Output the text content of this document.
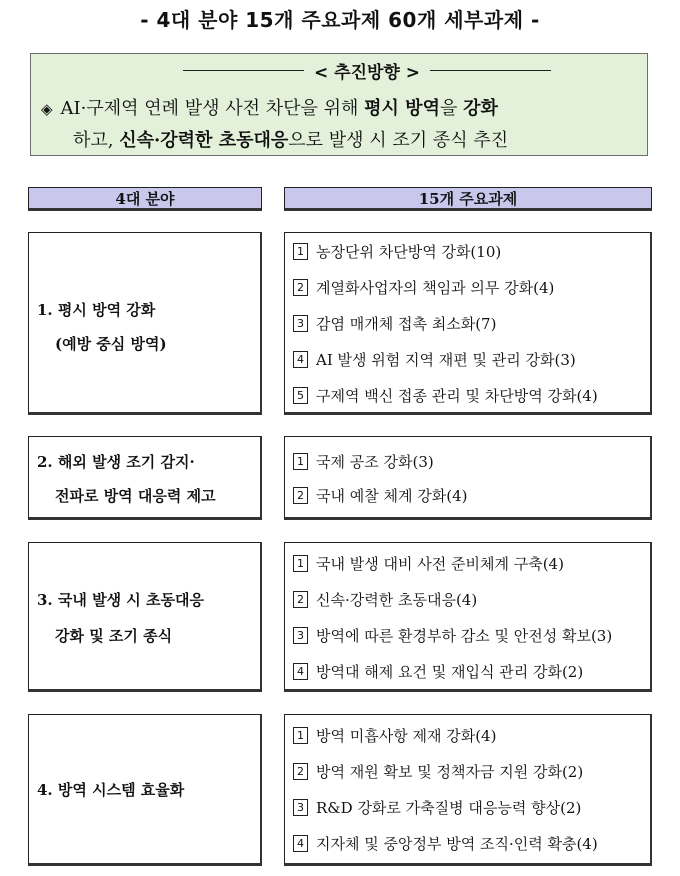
- 4대 분야 15개 주요과제 60개 세부과제 -
< 추진방향 >
◈ AI·구제역 연례 발생 사전 차단을 위해 평시 방역을 강화
하고, 신속·강력한 초동대응으로 발생 시 조기 종식 추진
4대 분야	15개 주요과제
1. 평시 방역 강화
(예방 중심 방역)
1 농장단위 차단방역 강화(10)
2 계열화사업자의 책임과 의무 강화(4)
3 감염 매개체 접촉 최소화(7)
4 AI 발생 위험 지역 재편 및 관리 강화(3)
5 구제역 백신 접종 관리 및 차단방역 강화(4)
2. 해외 발생 조기 감지·
전파로 방역 대응력 제고
1 국제 공조 강화(3)
2 국내 예찰 체계 강화(4)
3. 국내 발생 시 초동대응
강화 및 조기 종식
1 국내 발생 대비 사전 준비체계 구축(4)
2 신속·강력한 초동대응(4)
3 방역에 따른 환경부하 감소 및 안전성 확보(3)
4 방역대 해제 요건 및 재입식 관리 강화(2)
4. 방역 시스템 효율화
1 방역 미흡사항 제재 강화(4)
2 방역 재원 확보 및 정책자금 지원 강화(2)
3 R&D 강화로 가축질병 대응능력 향상(2)
4 지자체 및 중앙정부 방역 조직·인력 확충(4)
